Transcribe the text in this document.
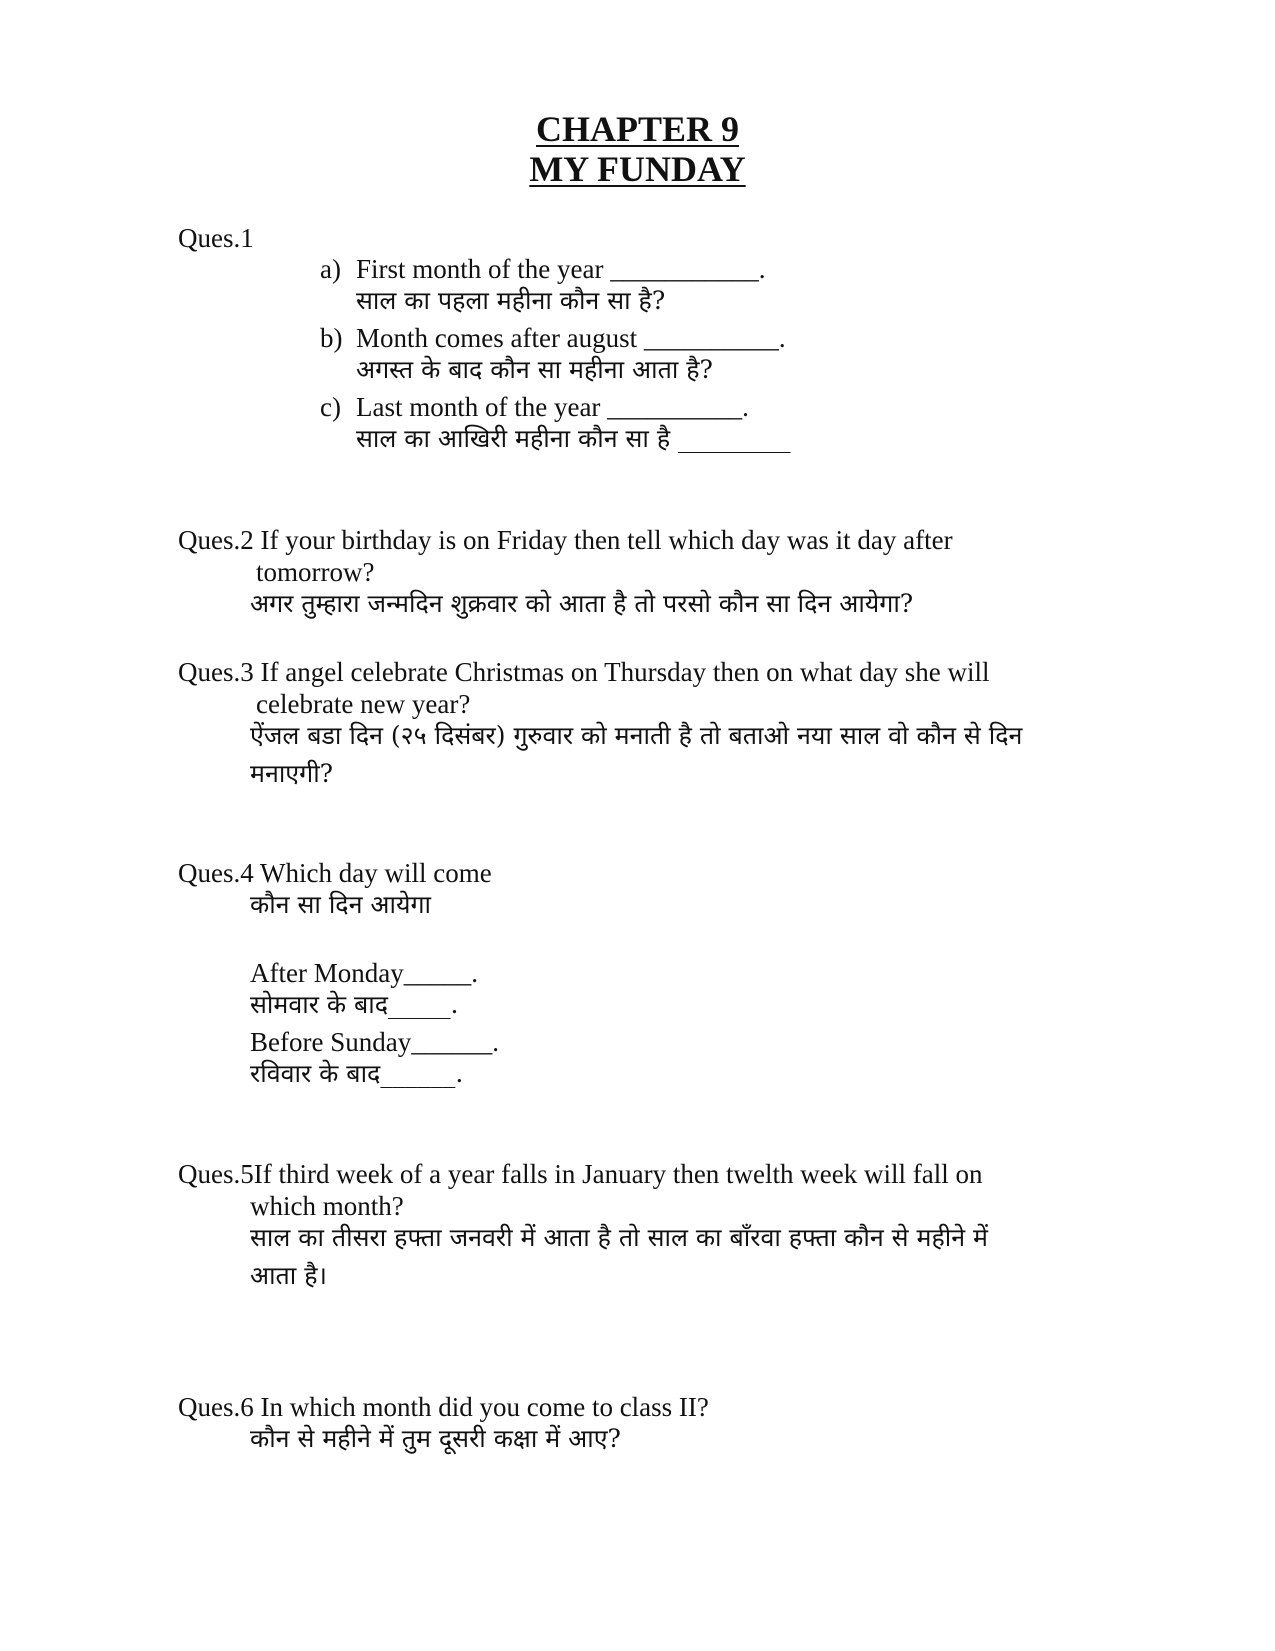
CHAPTER 9
MY FUNDAY
Ques.1
a) First month of the year ___________.
साल का पहला महीना कौन सा है?
b) Month comes after august __________.
अगस्त के बाद कौन सा महीना आता है?
c) Last month of the year __________.
साल का आखिरी महीना कौन सा है _________
Ques.2 If your birthday is on Friday then tell which day was it day after
tomorrow?
अगर तुम्हारा जन्मदिन शुक्रवार को आता है तो परसो कौन सा दिन आयेगा?
Ques.3 If angel celebrate Christmas on Thursday then on what day she will
celebrate new year?
ऐंजल बडा दिन (२५ दिसंबर) गुरुवार को मनाती है तो बताओ नया साल वो कौन से दिन
मनाएगी?
Ques.4 Which day will come
कौन सा दिन आयेगा
After Monday_____.
सोमवार के बाद_____.
Before Sunday______.
रविवार के बाद______.
Ques.5If third week of a year falls in January then twelth week will fall on
which month?
साल का तीसरा हफ्ता जनवरी में आता है तो साल का बाँरवा हफ्ता कौन से महीने में
आता है।
Ques.6 In which month did you come to class II?
कौन से महीने में तुम दूसरी कक्षा में आए?
